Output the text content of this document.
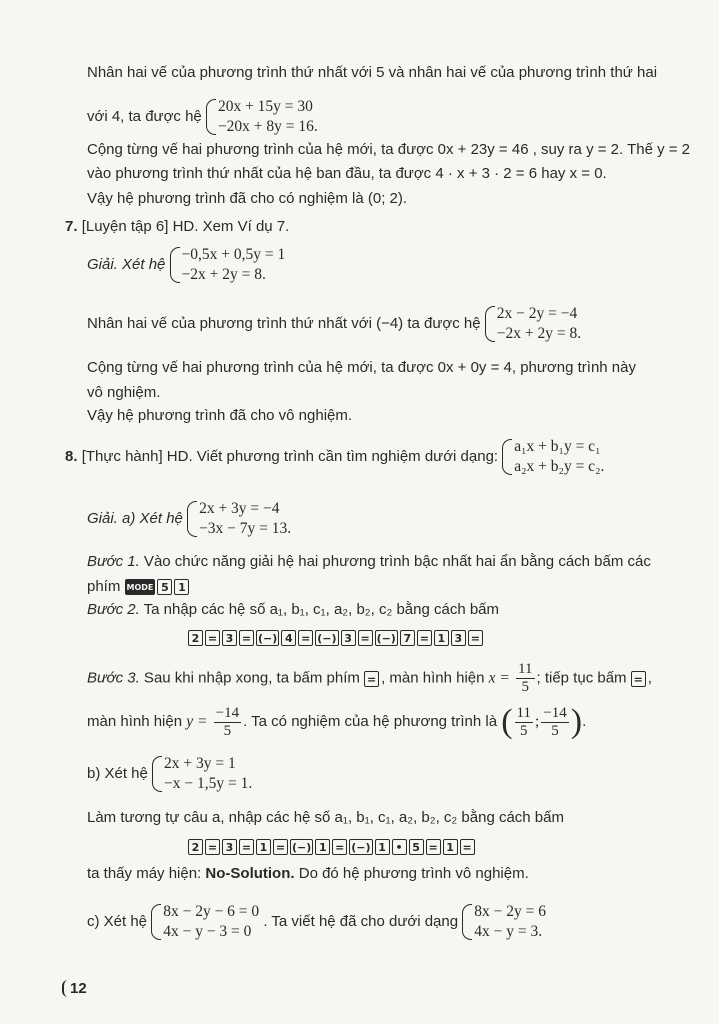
Nhân hai vế của phương trình thứ nhất với 5 và nhân hai vế của phương trình thứ hai
với 4, ta được hệ
20x + 15y = 30
−20x + 8y = 16.
Cộng từng vế hai phương trình của hệ mới, ta được 0x + 23y = 46 , suy ra y = 2. Thế y = 2
vào phương trình thứ nhất của hệ ban đầu, ta được 4 · x + 3 · 2 = 6 hay x = 0.
Vậy hệ phương trình đã cho có nghiệm là (0; 2).
7. [Luyện tập 6] HD. Xem Ví dụ 7.
Giải. Xét hệ
−0,5x + 0,5y = 1
−2x + 2y = 8.
Nhân hai vế của phương trình thứ nhất với (−4) ta được hệ
2x − 2y = −4
−2x + 2y = 8.
Cộng từng vế hai phương trình của hệ mới, ta được 0x + 0y = 4, phương trình này
vô nghiệm.
Vậy hệ phương trình đã cho vô nghiệm.
8. [Thực hành] HD. Viết phương trình cần tìm nghiệm dưới dạng:
a₁x + b₁y = c₁
a₂x + b₂y = c₂.
Giải. a) Xét hệ
2x + 3y = −4
−3x − 7y = 13.
Bước 1. Vào chức năng giải hệ hai phương trình bậc nhất hai ẩn bằng cách bấm các
phím MODE 5 1
Bước 2. Ta nhập các hệ số a₁, b₁, c₁, a₂, b₂, c₂ bằng cách bấm
2 = 3 = (−) 4 = (−) 3 = (−) 7 = 1 3 =
Bước 3. Sau khi nhập xong, ta bấm phím = , màn hình hiện $x = \frac{11}{5}$ ; tiếp tục bấm = ,
màn hình hiện $y = \frac{-14}{5}$ . Ta có nghiệm của hệ phương trình là ( $\frac{11}{5}$ ; $\frac{-14}{5}$ ).
b) Xét hệ
2x + 3y = 1
−x − 1,5y = 1.
Làm tương tự câu a, nhập các hệ số a₁, b₁, c₁, a₂, b₂, c₂ bằng cách bấm
2 = 3 = 1 = (−) 1 = (−) 1 • 5 = 1 =
ta thấy máy hiện: No-Solution. Do đó hệ phương trình vô nghiệm.
c) Xét hệ
8x − 2y − 6 = 0
4x − y − 3 = 0
. Ta viết hệ đã cho dưới dạng
8x − 2y = 6
4x − y = 3.
12
